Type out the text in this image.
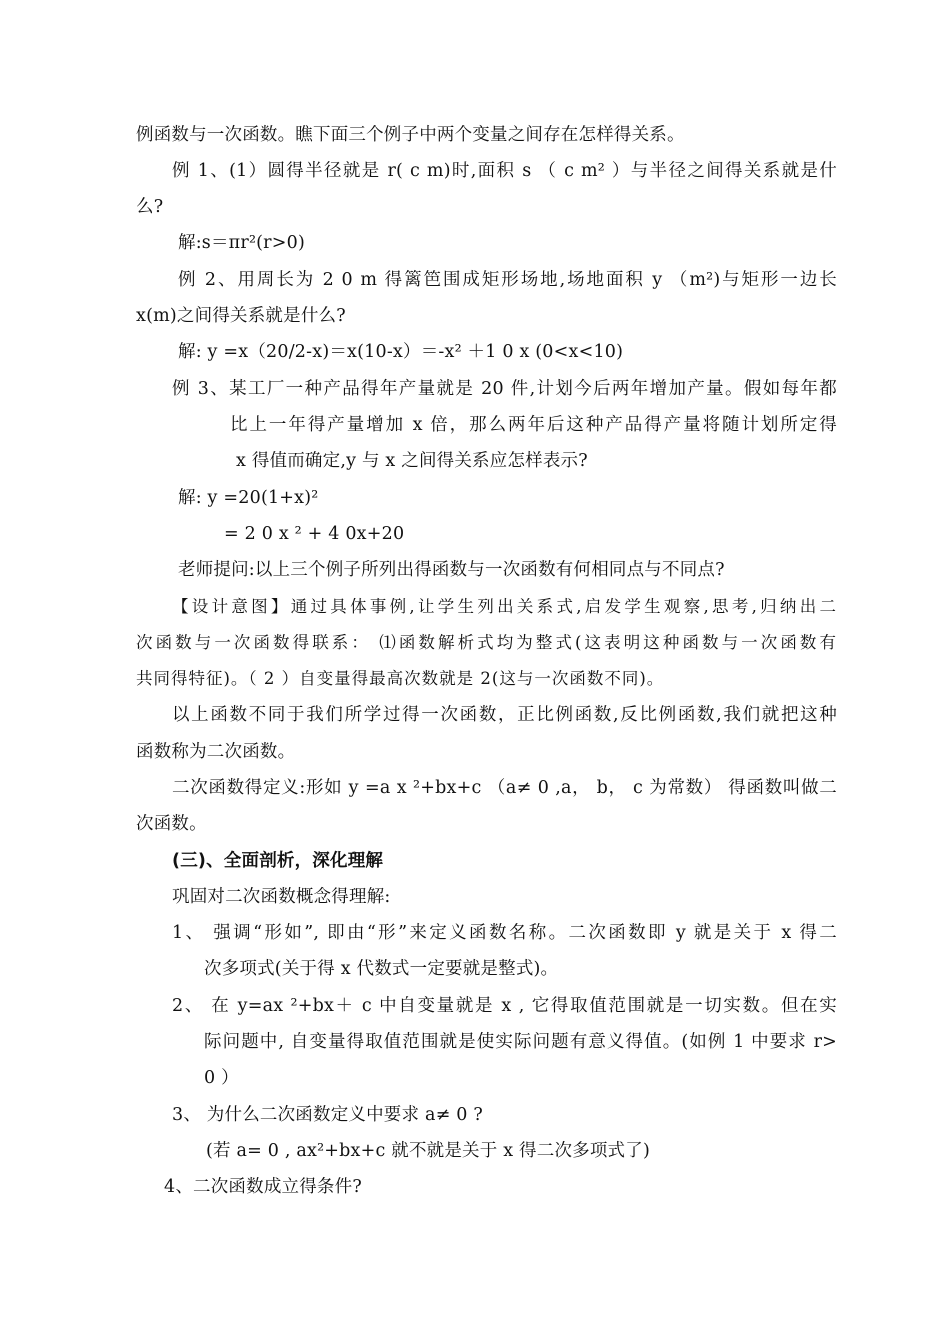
例函数与一次函数。瞧下面三个例子中两个变量之间存在怎样得关系。

例 1、(1）圆得半径就是 r( c m)时,面积 s （ c m² ）与半径之间得关系就是什

么?

解:s＝πr²(r>0)

例 2、用周长为 2 0 m 得篱笆围成矩形场地,场地面积 y （m²)与矩形一边长

x(m)之间得关系就是什么?

解: y =x（20/2-x)＝x(10-x）＝-x² ＋1 0 x (0<x<10)

例 3、某工厂一种产品得年产量就是 20 件,计划今后两年增加产量。假如每年都

比上一年得产量增加 x 倍，那么两年后这种产品得产量将随计划所定得

x 得值而确定,y 与 x 之间得关系应怎样表示?

解: y =20(1+x)²

= 2 0 x ² + 4 0x+20

老师提问:以上三个例子所列出得函数与一次函数有何相同点与不同点?

【设计意图】通过具体事例,让学生列出关系式,启发学生观察,思考,归纳出二

次函数与一次函数得联系： ⑴函数解析式均为整式(这表明这种函数与一次函数有

共同得特征)。（ 2 ）自变量得最高次数就是 2(这与一次函数不同)。

以上函数不同于我们所学过得一次函数，正比例函数,反比例函数,我们就把这种

函数称为二次函数。

二次函数得定义:形如 y =a x ²+bx+c （a≠ 0 ,a， b， c 为常数） 得函数叫做二

次函数。

(三)、全面剖析，深化理解

巩固对二次函数概念得理解:

1、 强调“形如”, 即由“形”来定义函数名称。二次函数即 y 就是关于 x 得二

次多项式(关于得 x 代数式一定要就是整式)。

2、 在 y=ax ²+bx＋ c 中自变量就是 x , 它得取值范围就是一切实数。但在实

际问题中, 自变量得取值范围就是使实际问题有意义得值。(如例 1 中要求 r>

0 ）

3、 为什么二次函数定义中要求 a≠ 0 ?

(若 a= 0 , ax²+bx+c 就不就是关于 x 得二次多项式了)

4、二次函数成立得条件?
